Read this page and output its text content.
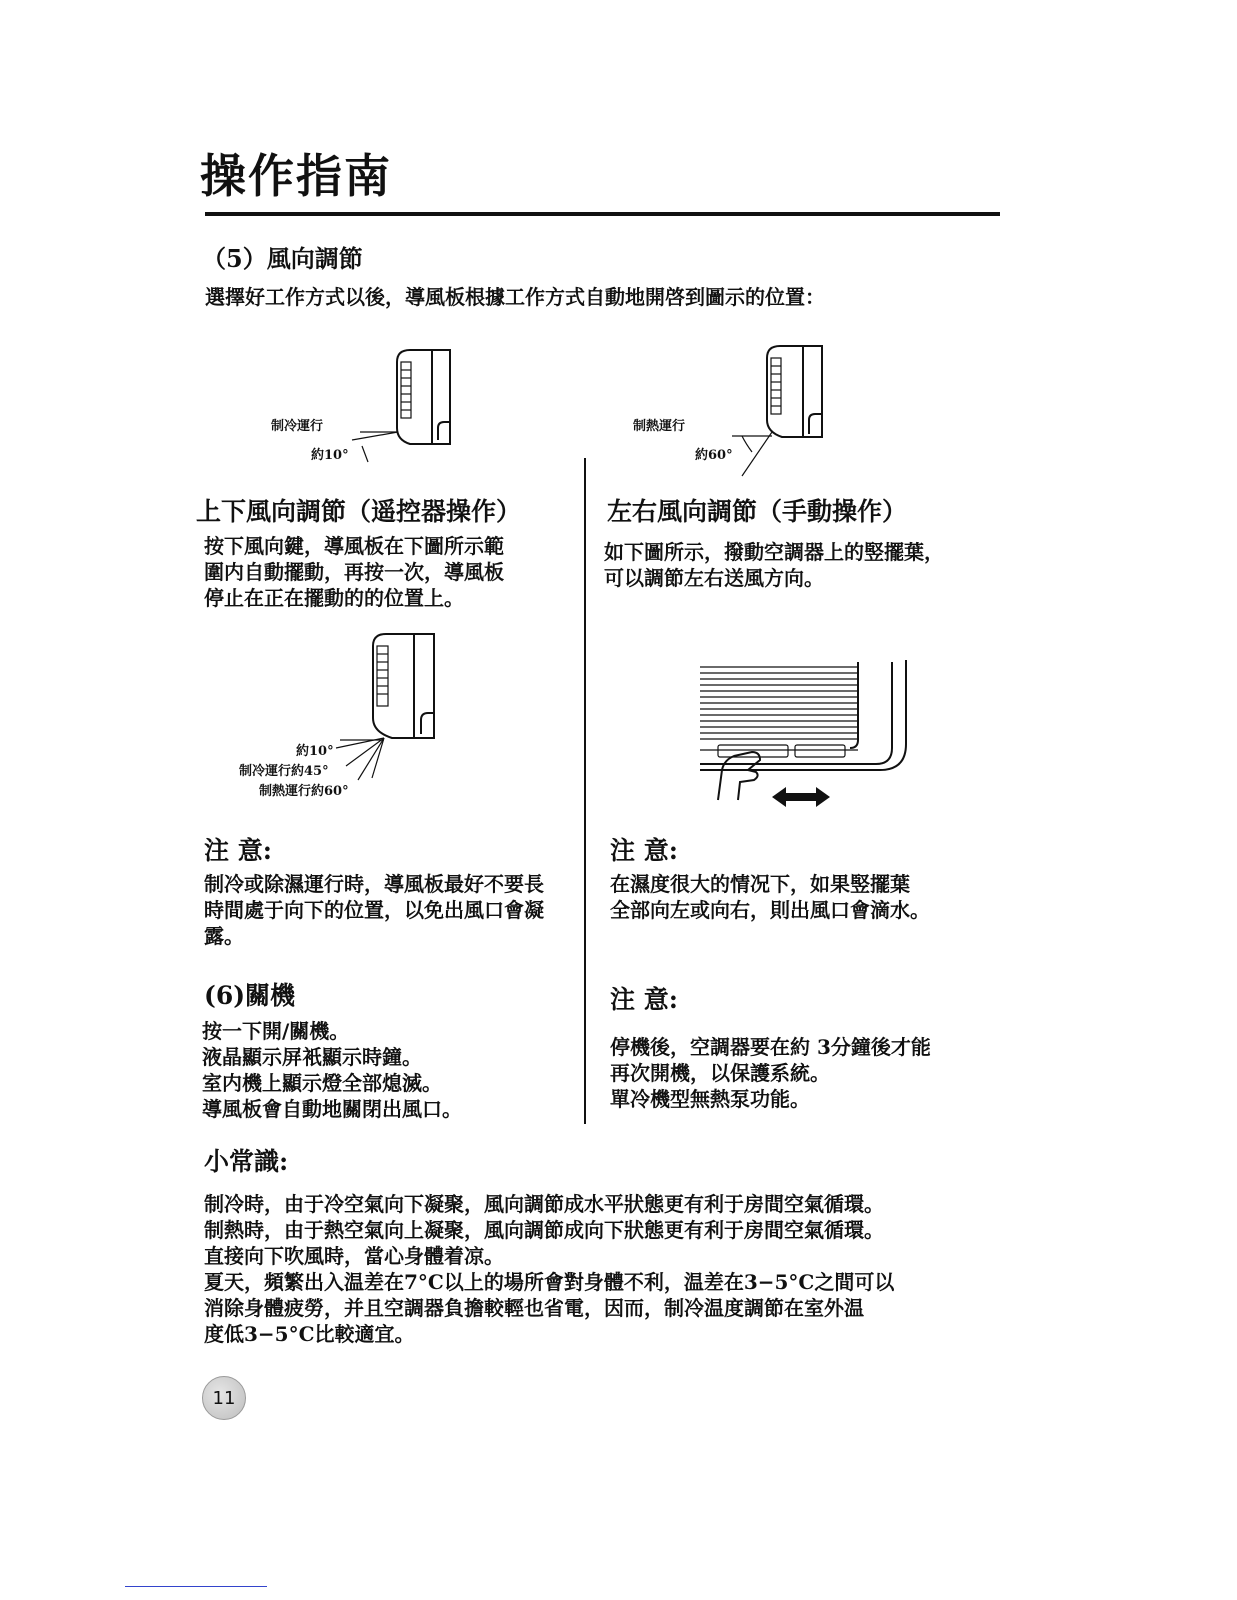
操作指南
（5）風向調節
選擇好工作方式以後，導風板根據工作方式自動地開啓到圖示的位置：
制冷運行
約10°
制熱運行
約60°
上下風向調節（遥控器操作）
按下風向鍵，導風板在下圖所示範
圍内自動擺動，再按一次，導風板
停止在正在擺動的的位置上。
左右風向調節（手動操作）
如下圖所示，撥動空調器上的竪擺葉，
可以調節左右送風方向。
約10°
制冷運行約45°
制熱運行約60°
注 意:
制冷或除濕運行時，導風板最好不要長
時間處于向下的位置，以免出風口會凝
露。
注 意:
在濕度很大的情况下，如果竪擺葉
全部向左或向右，則出風口會滴水。
(6)關機
按一下開/關機。
液晶顯示屏衹顯示時鐘。
室内機上顯示燈全部熄滅。
導風板會自動地關閉出風口。
注 意:
停機後，空調器要在約 3分鐘後才能
再次開機，以保護系統。
單冷機型無熱泵功能。
小常識:
制冷時，由于冷空氣向下凝聚，風向調節成水平狀態更有利于房間空氣循環。
制熱時，由于熱空氣向上凝聚，風向調節成向下狀態更有利于房間空氣循環。
直接向下吹風時，當心身體着凉。
夏天，頻繁出入温差在7°C以上的場所會對身體不利，温差在3−5°C之間可以
消除身體疲勞，并且空調器負擔較輕也省電，因而，制冷温度調節在室外温
度低3−5°C比較適宜。
11
